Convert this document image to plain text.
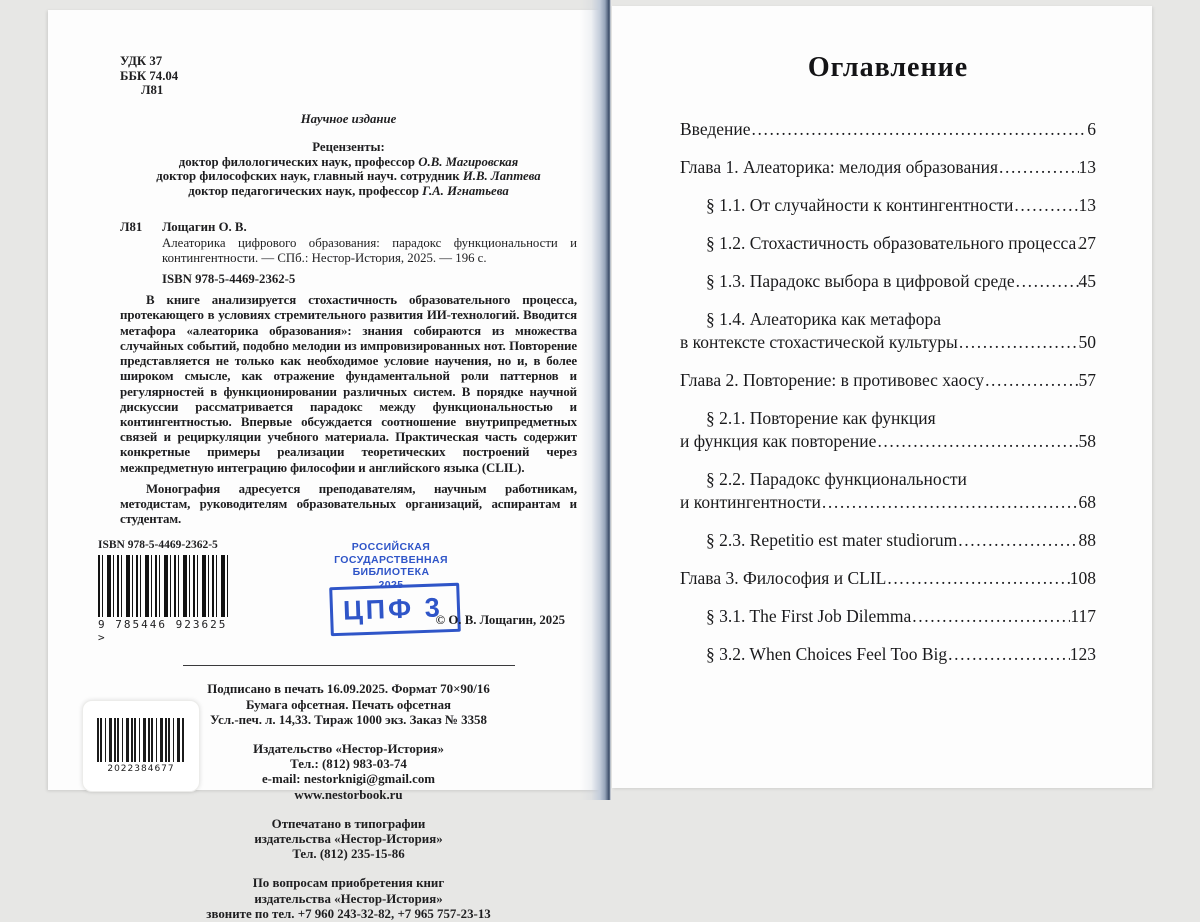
УДК 37
ББК 74.04
Л81
Научное издание
Рецензенты:
доктор филологических наук, профессор О.В. Магировская
доктор философских наук, главный науч. сотрудник И.В. Лаптева
доктор педагогических наук, профессор Г.А. Игнатьева
Л81	Лощагин О. В.
Алеаторика цифрового образования: парадокс функциональности и контингентности. — СПб.: Нестор-История, 2025. — 196 с.
ISBN 978-5-4469-2362-5

В книге анализируется стохастичность образовательного процесса, протекающего в условиях стремительного развития ИИ-технологий. Вводится метафора «алеаторика образования»: знания собираются из множества случайных событий, подобно мелодии из импровизированных нот. Повторение представляется не только как необходимое условие научения, но и, в более широком смысле, как отражение фундаментальной роли паттернов и регулярностей в функционировании различных систем. В порядке научной дискуссии рассматривается парадокс между функциональностью и контингентностью. Впервые обсуждается соотношение внутрипредметных связей и рециркуляции учебного материала. Практическая часть содержит конкретные примеры реализации теоретических построений через межпредметную интеграцию философии и английского языка (CLIL).

Монография адресуется преподавателям, научным работникам, методистам, руководителям образовательных организаций, аспирантам и студентам.

ISBN 978-5-4469-2362-5
9 785446 923625 >
РОССИЙСКАЯ
ГОСУДАРСТВЕННАЯ
БИБЛИОТЕКА
2025
ЦПФ 3
© О. В. Лощагин, 2025
Подписано в печать 16.09.2025. Формат 70×90/16
Бумага офсетная. Печать офсетная
Усл.-печ. л. 14,33. Тираж 1000 экз. Заказ № 3358
Издательство «Нестор-История»
Тел.: (812) 983-03-74
e-mail: nestorknigi@gmail.com
www.nestorbook.ru
Отпечатано в типографии
издательства «Нестор-История»
Тел. (812) 235-15-86
По вопросам приобретения книг
издательства «Нестор-История»
звоните по тел. +7 960 243-32-82, +7 965 757-23-13
2022384677
Оглавление
Введение .....	6
Глава 1. Алеаторика: мелодия образования .....	13
§ 1.1. От случайности к контингентности .....	13
§ 1.2. Стохастичность образовательного процесса ..... 27
§ 1.3. Парадокс выбора в цифровой среде .....	45
§ 1.4. Алеаторика как метафора
в контексте стохастической культуры .....	50
Глава 2. Повторение: в противовес хаосу .....	57
§ 2.1. Повторение как функция
и функция как повторение .....	58
§ 2.2. Парадокс функциональности
и контингентности .....	68
§ 2.3. Repetitio est mater studiorum .....	88
Глава 3. Философия и CLIL .....	108
§ 3.1. The First Job Dilemma .....	117
§ 3.2. When Choices Feel Too Big .....	123
